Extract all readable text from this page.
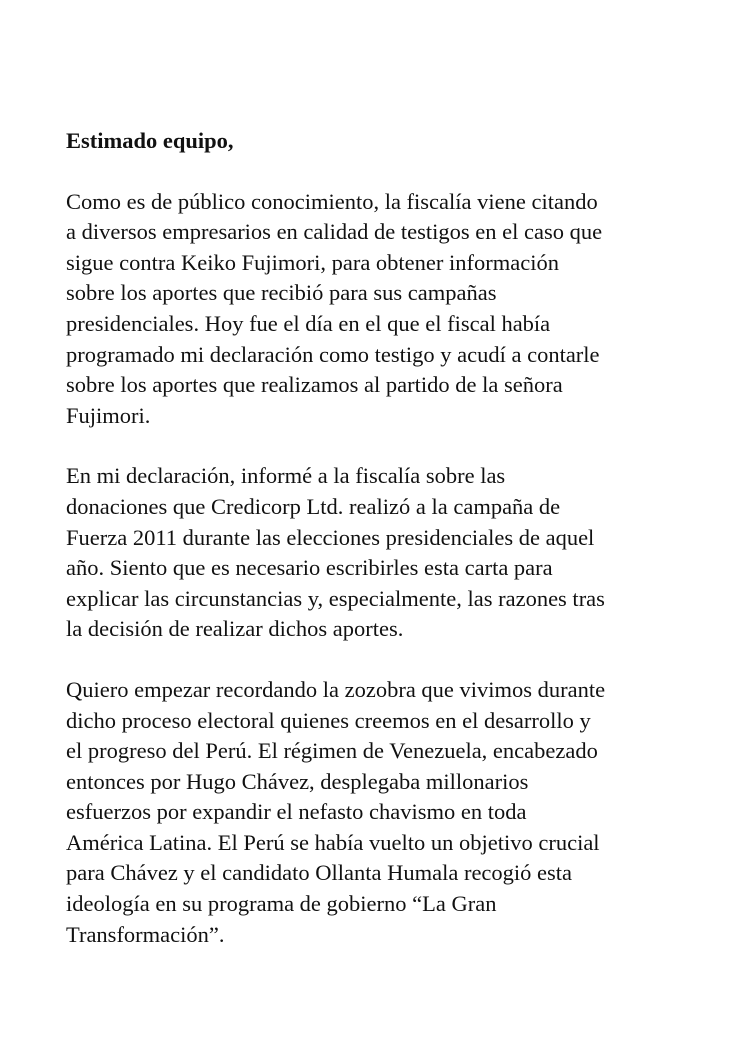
Estimado equipo,

Como es de público conocimiento, la fiscalía viene citando
a diversos empresarios en calidad de testigos en el caso que
sigue contra Keiko Fujimori, para obtener información
sobre los aportes que recibió para sus campañas
presidenciales. Hoy fue el día en el que el fiscal había
programado mi declaración como testigo y acudí a contarle
sobre los aportes que realizamos al partido de la señora
Fujimori.

En mi declaración, informé a la fiscalía sobre las
donaciones que Credicorp Ltd. realizó a la campaña de
Fuerza 2011 durante las elecciones presidenciales de aquel
año. Siento que es necesario escribirles esta carta para
explicar las circunstancias y, especialmente, las razones tras
la decisión de realizar dichos aportes.

Quiero empezar recordando la zozobra que vivimos durante
dicho proceso electoral quienes creemos en el desarrollo y
el progreso del Perú. El régimen de Venezuela, encabezado
entonces por Hugo Chávez, desplegaba millonarios
esfuerzos por expandir el nefasto chavismo en toda
América Latina. El Perú se había vuelto un objetivo crucial
para Chávez y el candidato Ollanta Humala recogió esta
ideología en su programa de gobierno “La Gran
Transformación”.
